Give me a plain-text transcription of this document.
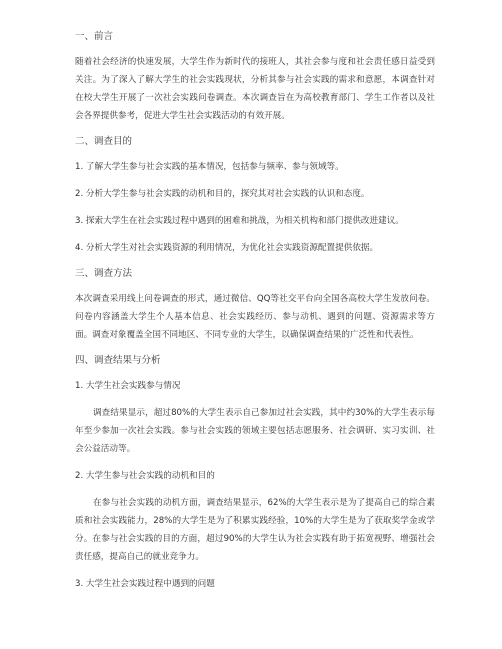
一、前言

随着社会经济的快速发展，大学生作为新时代的接班人，其社会参与度和社会责任感日益受到关注。为了深入了解大学生的社会实践现状，分析其参与社会实践的需求和意愿，本调查针对在校大学生开展了一次社会实践问卷调查。本次调查旨在为高校教育部门、学生工作者以及社会各界提供参考，促进大学生社会实践活动的有效开展。

二、调查目的

1. 了解大学生参与社会实践的基本情况，包括参与频率、参与领域等。

2. 分析大学生参与社会实践的动机和目的，探究其对社会实践的认识和态度。

3. 探索大学生在社会实践过程中遇到的困难和挑战，为相关机构和部门提供改进建议。

4. 分析大学生对社会实践资源的利用情况，为优化社会实践资源配置提供依据。

三、调查方法

本次调查采用线上问卷调查的形式，通过微信、QQ等社交平台向全国各高校大学生发放问卷。问卷内容涵盖大学生个人基本信息、社会实践经历、参与动机、遇到的问题、资源需求等方面。调查对象覆盖全国不同地区、不同专业的大学生，以确保调查结果的广泛性和代表性。

四、调查结果与分析

1. 大学生社会实践参与情况

调查结果显示，超过80%的大学生表示自己参加过社会实践，其中约30%的大学生表示每年至少参加一次社会实践。参与社会实践的领域主要包括志愿服务、社会调研、实习实训、社会公益活动等。

2. 大学生参与社会实践的动机和目的

在参与社会实践的动机方面，调查结果显示，62%的大学生表示是为了提高自己的综合素质和社会实践能力，28%的大学生是为了积累实践经验，10%的大学生是为了获取奖学金或学分。在参与社会实践的目的方面，超过90%的大学生认为社会实践有助于拓宽视野、增强社会责任感，提高自己的就业竞争力。

3. 大学生社会实践过程中遇到的问题
